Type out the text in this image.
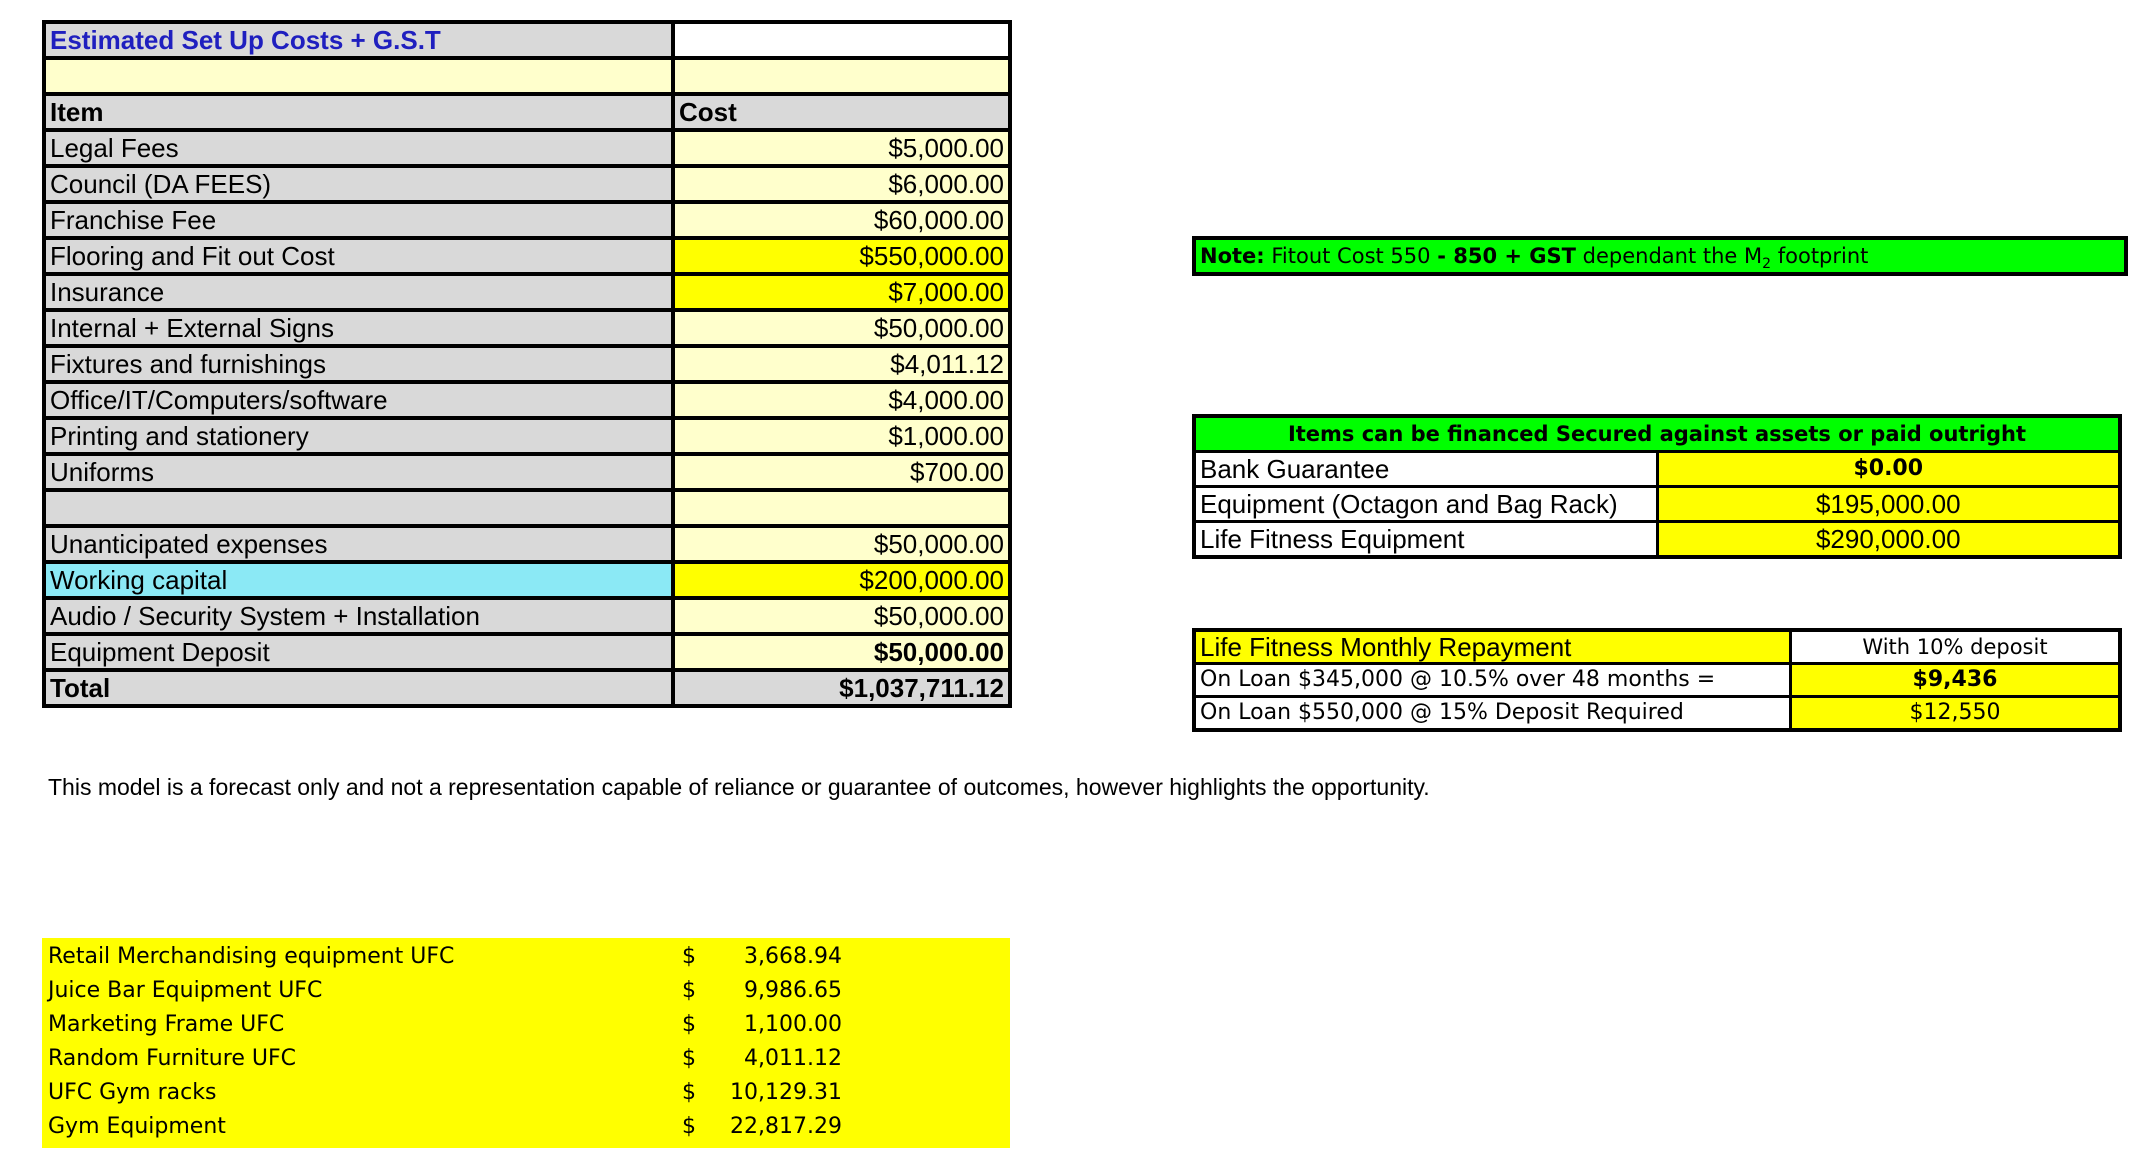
Estimated Set Up Costs + G.S.T	

Item	Cost
Legal Fees	$5,000.00
Council (DA FEES)	$6,000.00
Franchise Fee	$60,000.00
Flooring and Fit out Cost	$550,000.00
Insurance	$7,000.00
Internal + External Signs	$50,000.00
Fixtures and furnishings	$4,011.12
Office/IT/Computers/software	$4,000.00
Printing and stationery	$1,000.00
Uniforms	$700.00

Unanticipated expenses	$50,000.00
Working capital	$200,000.00
Audio / Security System + Installation	$50,000.00
Equipment Deposit	$50,000.00
Total	$1,037,711.12
Note: Fitout Cost 550 - 850 + GST dependant the $M_2$ footprint
Items can be financed Secured against assets or paid outright	
Bank Guarantee	$0.00
Equipment (Octagon and Bag Rack)	$195,000.00
Life Fitness Equipment	$290,000.00
Life Fitness Monthly Repayment	With 10% deposit
On Loan $345,000 @ 10.5% over 48 months =	$9,436
On Loan $550,000 @ 15% Deposit Required	$12,550
This model is a forecast only and not a representation capable of reliance or guarantee of outcomes, however highlights the opportunity.
Retail Merchandising equipment UFC	$ 3,668.94
Juice Bar Equipment UFC	$ 9,986.65
Marketing Frame UFC	$ 1,100.00
Random Furniture UFC	$ 4,011.12
UFC Gym racks	$ 10,129.31
Gym Equipment	$ 22,817.29
